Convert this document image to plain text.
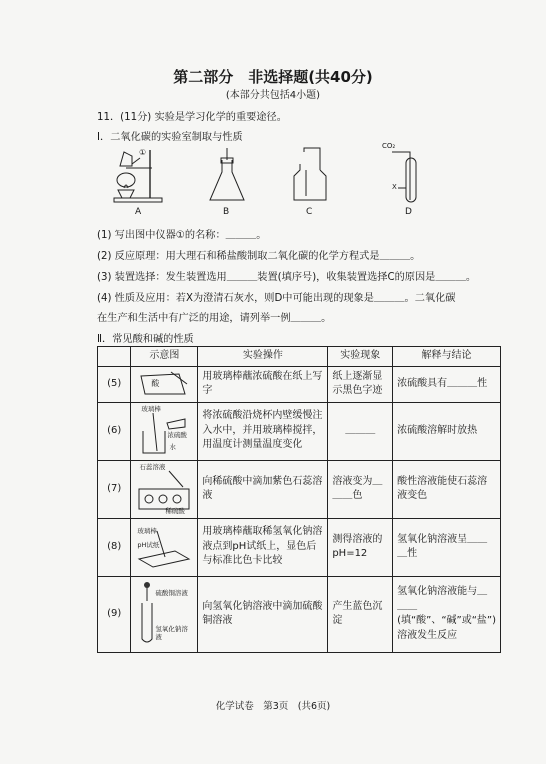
第二部分　非选择题(共40分)
(本部分共包括4小题)
11．(11分) 实验是学习化学的重要途径。
Ⅰ．二氧化碳的实验室制取与性质
①
CO₂
X
A	B	C	D
(1) 写出图中仪器①的名称：＿＿＿。
(2) 反应原理：用大理石和稀盐酸制取二氧化碳的化学方程式是＿＿＿。
(3) 装置选择：发生装置选用＿＿＿装置(填序号)，收集装置选择C的原因是＿＿＿。
(4) 性质及应用：若X为澄清石灰水，则D中可能出现的现象是＿＿＿。二氧化碳
在生产和生活中有广泛的用途，请列举一例＿＿＿。
Ⅱ．常见酸和碱的性质
	示意图	实验操作	实验现象	解释与结论
(5)	酸	用玻璃棒蘸浓硫酸在纸上写字	纸上逐渐显示黑色字迹	浓硫酸具有＿＿＿性
(6)	玻璃棒
浓硫酸
水	将浓硫酸沿烧杯内壁缓慢注入水中，并用玻璃棒搅拌，用温度计测量温度变化	＿＿＿	浓硫酸溶解时放热
(7)	石蕊溶液
稀硫酸	向稀硫酸中滴加紫色石蕊溶液	溶液变为＿＿＿色	酸性溶液能使石蕊溶液变色
(8)	玻璃棒
pH试纸	用玻璃棒蘸取稀氢氧化钠溶液点到pH试纸上，显色后与标准比色卡比较	测得溶液的pH=12	氢氧化钠溶液呈＿＿＿性
(9)	硫酸铜溶液
氢氧化钠溶液	向氢氧化钠溶液中滴加硫酸铜溶液	产生蓝色沉淀	氢氧化钠溶液能与＿＿＿(填“酸”、“碱”或“盐”)溶液发生反应
化学试卷　第3页　(共6页)
